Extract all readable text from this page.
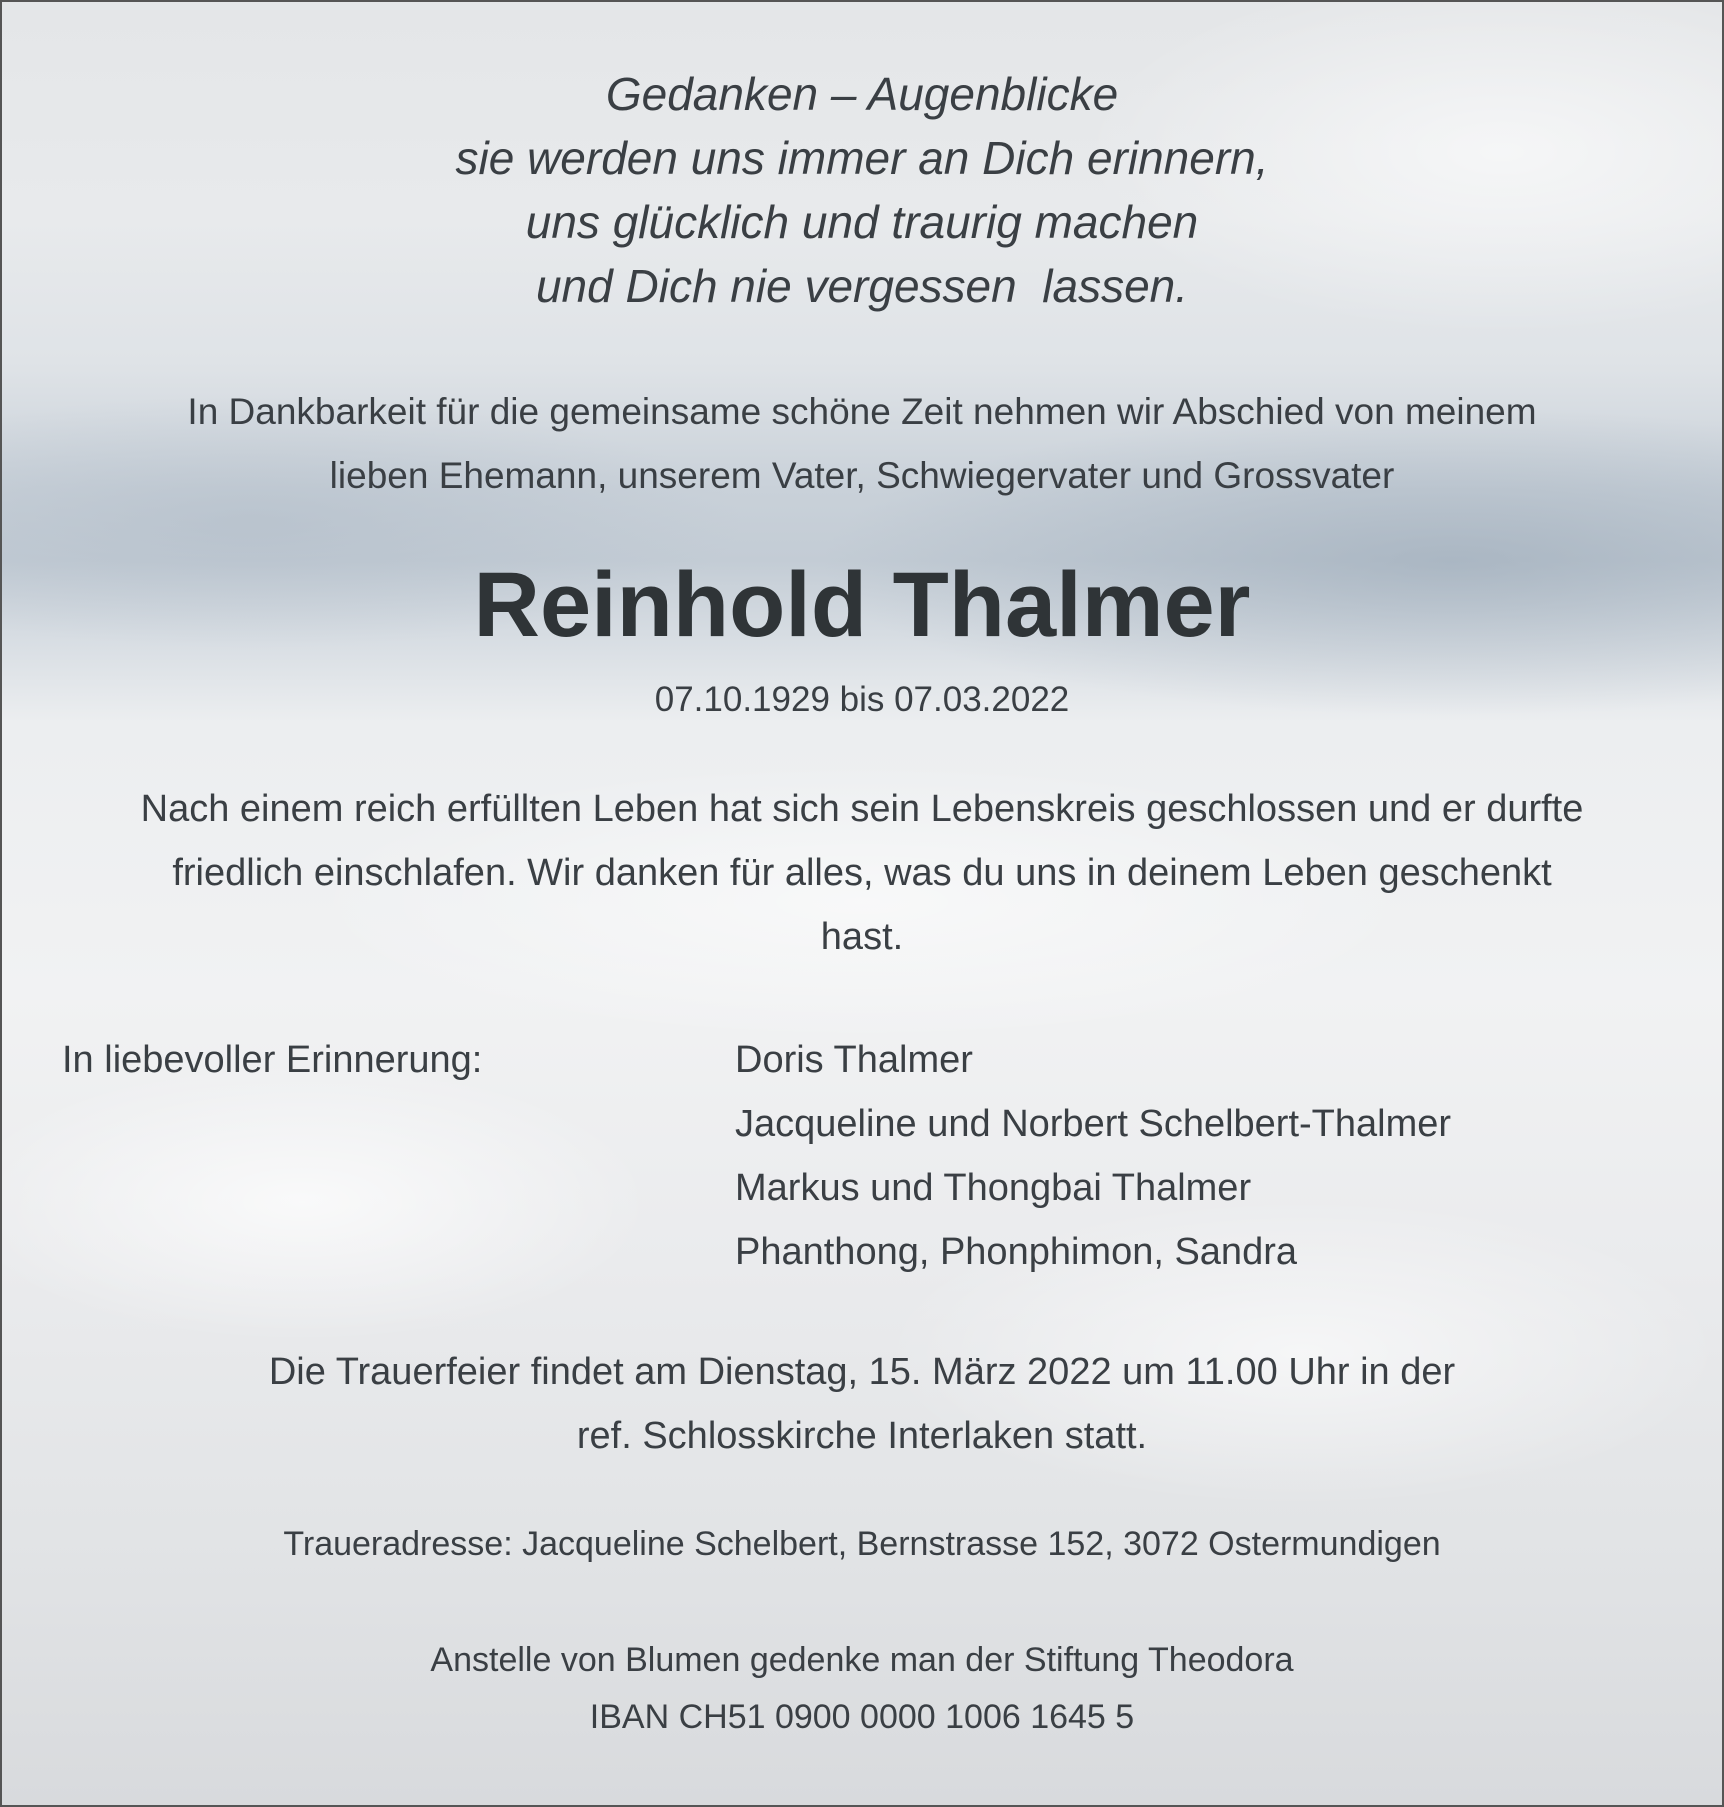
Gedanken – Augenblicke
sie werden uns immer an Dich erinnern,
uns glücklich und traurig machen
und Dich nie vergessen  lassen.
In Dankbarkeit für die gemeinsame schöne Zeit nehmen wir Abschied von meinem
lieben Ehemann, unserem Vater, Schwiegervater und Grossvater
Reinhold Thalmer
07.10.1929 bis 07.03.2022
Nach einem reich erfüllten Leben hat sich sein Lebenskreis geschlossen und er durfte
friedlich einschlafen. Wir danken für alles, was du uns in deinem Leben geschenkt
hast.
In liebevoller Erinnerung:	Doris Thalmer
Jacqueline und Norbert Schelbert-Thalmer
Markus und Thongbai Thalmer
Phanthong, Phonphimon, Sandra
Die Trauerfeier findet am Dienstag, 15. März 2022 um 11.00 Uhr in der
ref. Schlosskirche Interlaken statt.
Traueradresse: Jacqueline Schelbert, Bernstrasse 152, 3072 Ostermundigen
Anstelle von Blumen gedenke man der Stiftung Theodora
IBAN CH51 0900 0000 1006 1645 5
